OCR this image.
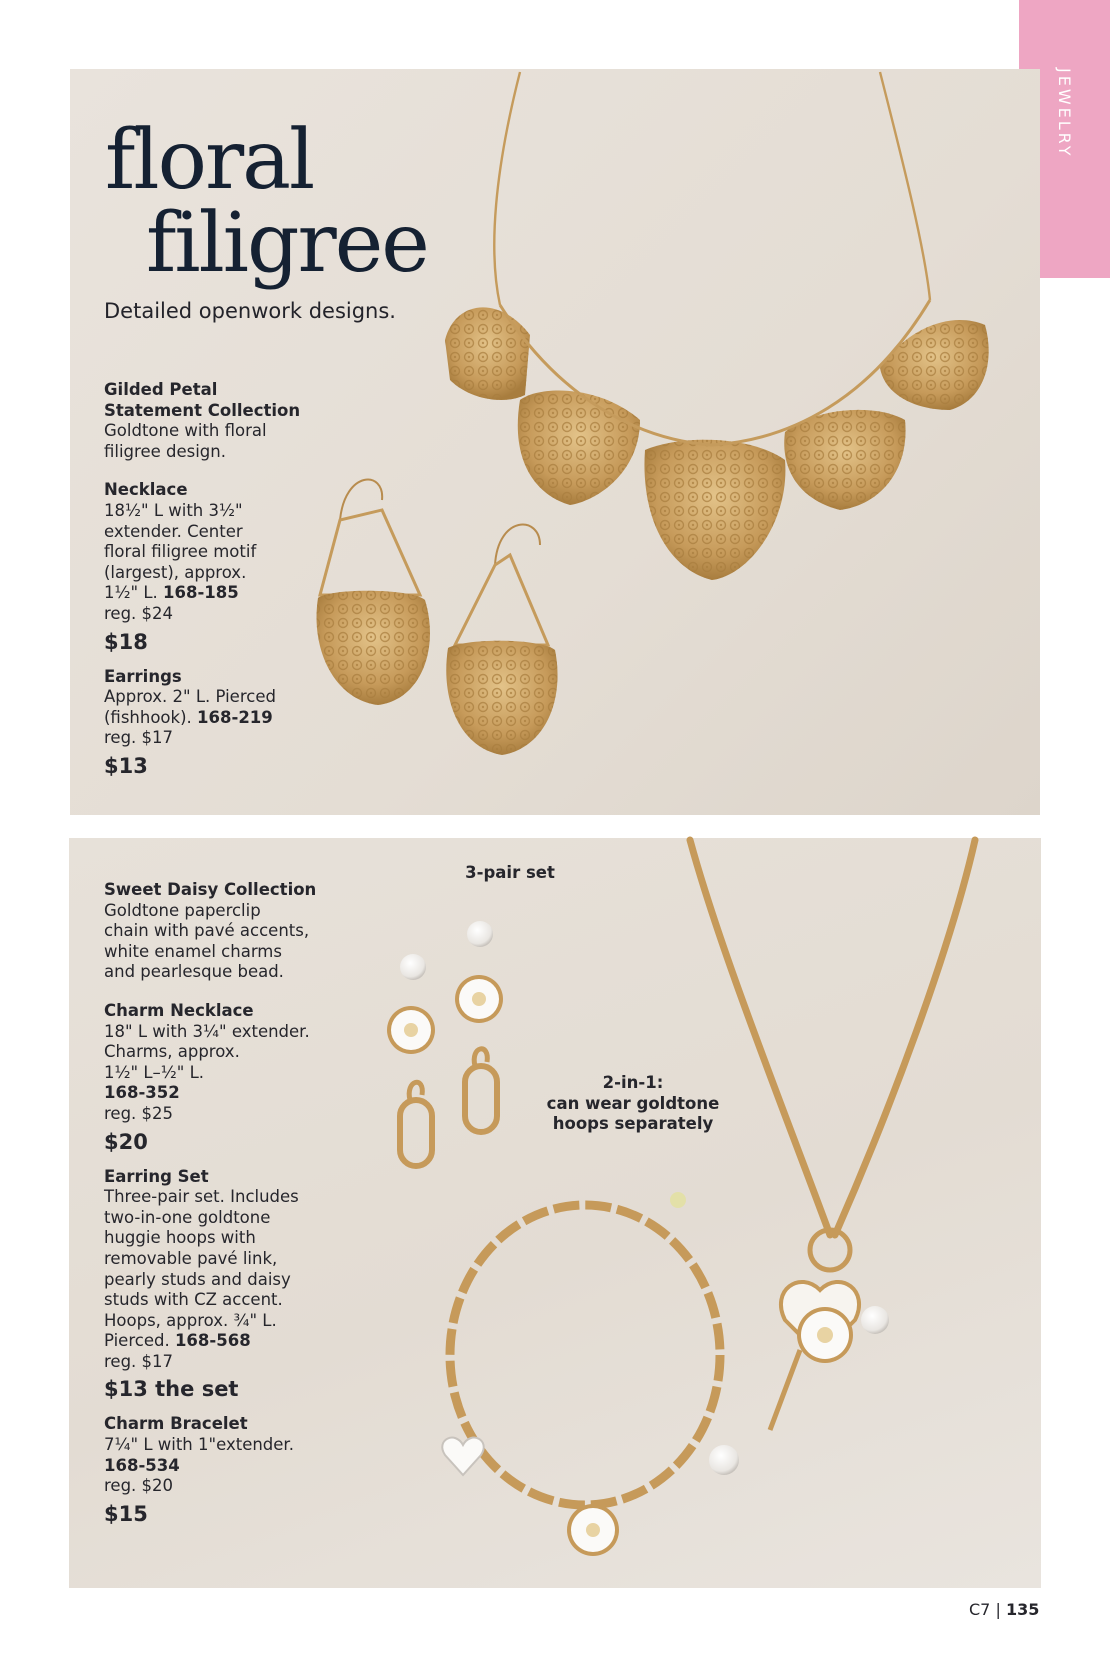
JEWELRY
floral
filigree
Detailed openwork designs.
Gilded Petal
Statement Collection
Goldtone with floral
filigree design.
Necklace
18½" L with 3½"
extender. Center
floral filigree motif
(largest), approx.
1½" L. 168-185
reg. $24
$18
Earrings
Approx. 2" L. Pierced
(fishhook). 168-219
reg. $17
$13
Sweet Daisy Collection
Goldtone paperclip
chain with pavé accents,
white enamel charms
and pearlesque bead.
Charm Necklace
18" L with 3¼" extender.
Charms, approx.
1½" L–½" L.
168-352
reg. $25
$20
Earring Set
Three-pair set. Includes
two-in-one goldtone
huggie hoops with
removable pavé link,
pearly studs and daisy
studs with CZ accent.
Hoops, approx. ¾" L.
Pierced. 168-568
reg. $17
$13 the set
Charm Bracelet
7¼" L with 1"extender.
168-534
reg. $20
$15
3-pair set
2-in-1:
can wear goldtone
hoops separately
C7 | 135
